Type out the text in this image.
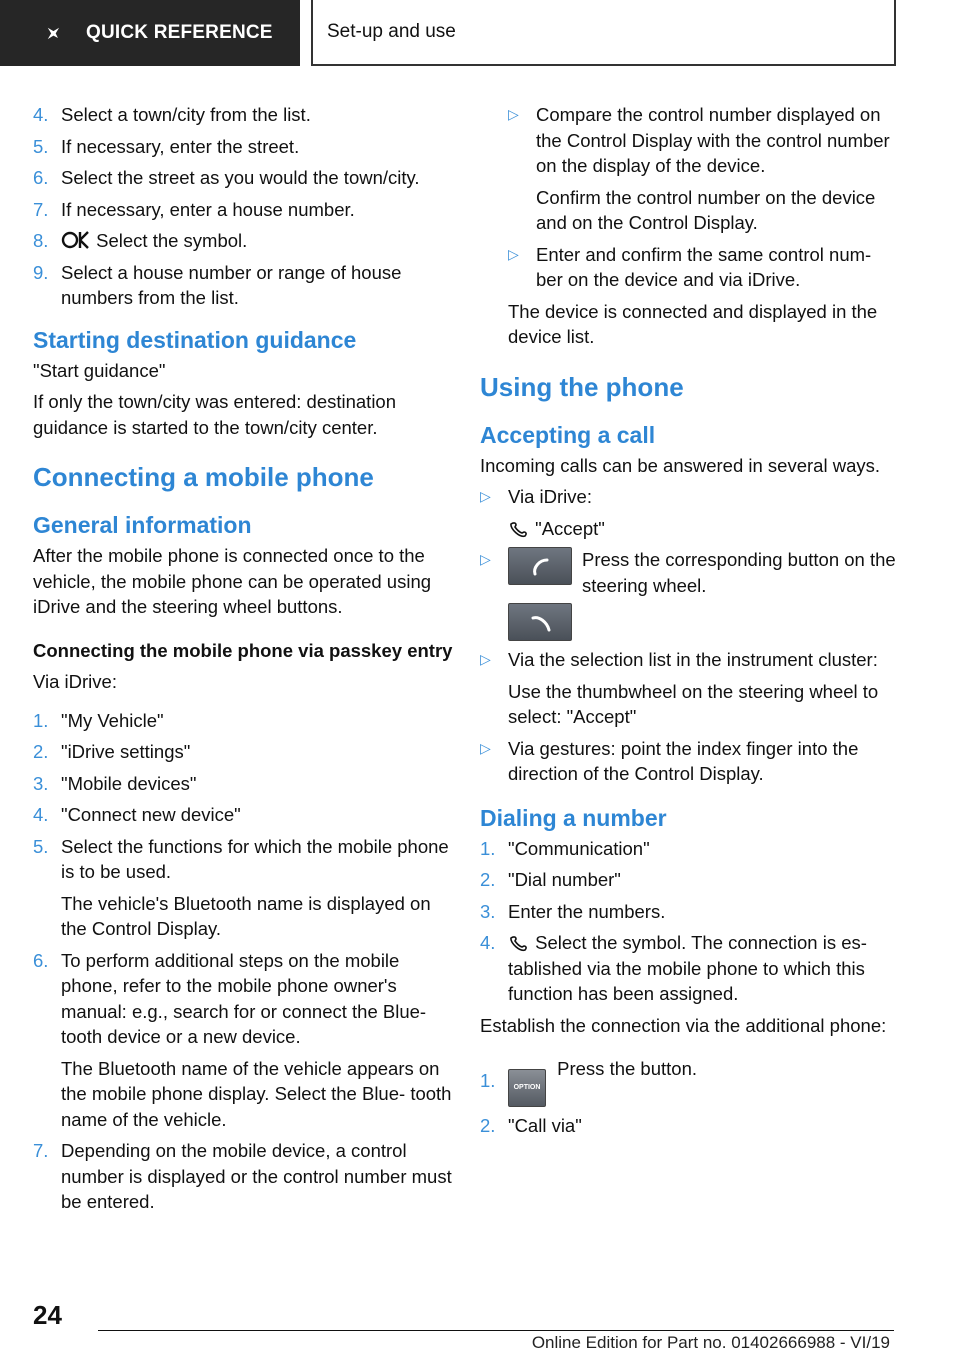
QUICK REFERENCE	Set-up and use
4. Select a town/city from the list.
5. If necessary, enter the street.
6. Select the street as you would the town/city.
7. If necessary, enter a house number.
8.	Select the symbol.
9. Select a house number or range of house numbers from the list.
Starting destination guidance
"Start guidance"
If only the town/city was entered: destination guidance is started to the town/city center.
Connecting a mobile phone
General information
After the mobile phone is connected once to the vehicle, the mobile phone can be operated using iDrive and the steering wheel buttons.
Connecting the mobile phone via passkey entry
Via iDrive:
1. "My Vehicle"
2. "iDrive settings"
3. "Mobile devices"
4. "Connect new device"
5. Select the functions for which the mobile phone is to be used.
The vehicle's Bluetooth name is displayed on the Control Display.
6. To perform additional steps on the mobile phone, refer to the mobile phone owner's manual: e.g., search for or connect the Blue- tooth device or a new device.
The Bluetooth name of the vehicle appears on the mobile phone display. Select the Blue- tooth name of the vehicle.
7. Depending on the mobile device, a control number is displayed or the control number must be entered.
▷ Compare the control number displayed on the Control Display with the control number on the display of the device.
Confirm the control number on the device and on the Control Display.
▷ Enter and confirm the same control num- ber on the device and via iDrive.
The device is connected and displayed in the device list.
Using the phone
Accepting a call
Incoming calls can be answered in several ways.
▷ Via iDrive:
"Accept"
▷	Press the corresponding button on the steering wheel.
▷ Via the selection list in the instrument cluster:
Use the thumbwheel on the steering wheel to select: "Accept"
▷ Via gestures: point the index finger into the direction of the Control Display.
Dialing a number
1. "Communication"
2. "Dial number"
3. Enter the numbers.
4. Select the symbol. The connection is es- tablished via the mobile phone to which this function has been assigned.
Establish the connection via the additional phone:
1.	OPTION Press the button.
2. "Call via"
24
Online Edition for Part no. 01402666988 - VI/19
